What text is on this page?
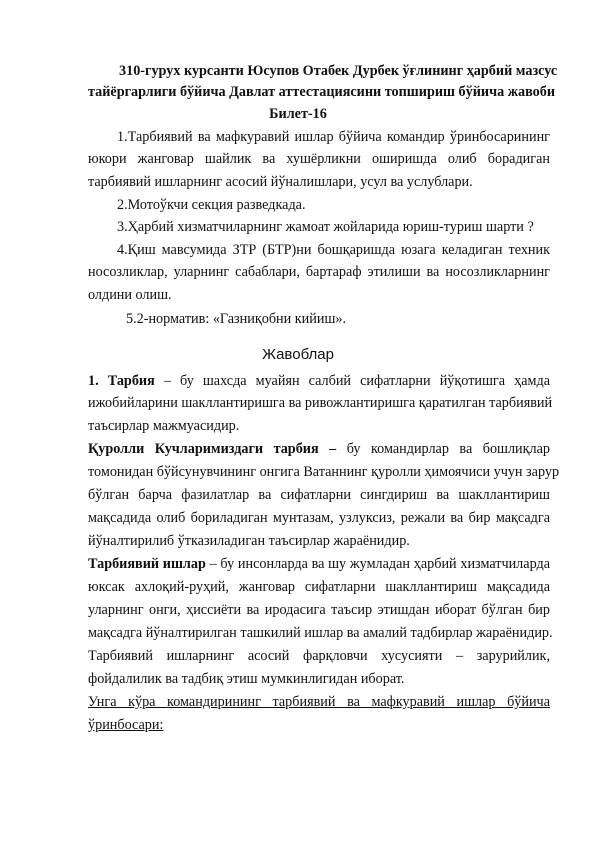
310-гурух курсанти Юсупов Отабек Дурбек ўғлининг ҳарбий мазсус
тайёргарлиги бўйича Давлат аттестациясини топшириш бўйича жавоби
Билет-16
1.Тарбиявий ва мафкуравий ишлар бўйича командир ўринбосарининг
юкори жанговар шайлик ва хушёрликни оширишда олиб борадиган
тарбиявий ишларнинг асосий йўналишлари, усул ва услублари.
2.Мотоўкчи секция разведкада.
3.Ҳарбий хизматчиларнинг жамоат жойларида юриш-туриш шарти ?
4.Қиш мавсумида ЗТР (БТР)ни бошқаришда юзага келадиган техник
носозликлар, уларнинг сабаблари, бартараф этилиши ва носозликларнинг
олдини олиш.
5.2-норматив: «Газниқобни кийиш».
Жавоблар
1. Тарбия – бу шахсда муайян салбий сифатларни йўқотишга ҳамда
ижобийларини шакллантиришга ва ривожлантиришга қаратилган тарбиявий
таъсирлар мажмуасидир.
Қуролли Кучларимиздаги тарбия – бу командирлар ва бошлиқлар
томонидан бўйсунувчининг онгига Ватаннинг қуролли ҳимоячиси учун зарур
бўлган барча фазилатлар ва сифатларни сингдириш ва шакллантириш
мақсадида олиб бориладиган мунтазам, узлуксиз, режали ва бир мақсадга
йўналтирилиб ўтказиладиган таъсирлар жараёнидир.
Тарбиявий ишлар – бу инсонларда ва шу жумладан ҳарбий хизматчиларда
юксак ахлоқий-руҳий, жанговар сифатларни шакллантириш мақсадида
уларнинг онги, ҳиссиёти ва иродасига таъсир этишдан иборат бўлган бир
мақсадга йўналтирилган ташкилий ишлар ва амалий тадбирлар жараёнидир.
Тарбиявий ишларнинг асосий фарқловчи хусусияти – зарурийлик,
фойдалилик ва тадбиқ этиш мумкинлигидан иборат.
Унга кўра командирининг тарбиявий ва мафкуравий ишлар бўйича
ўринбосари:
